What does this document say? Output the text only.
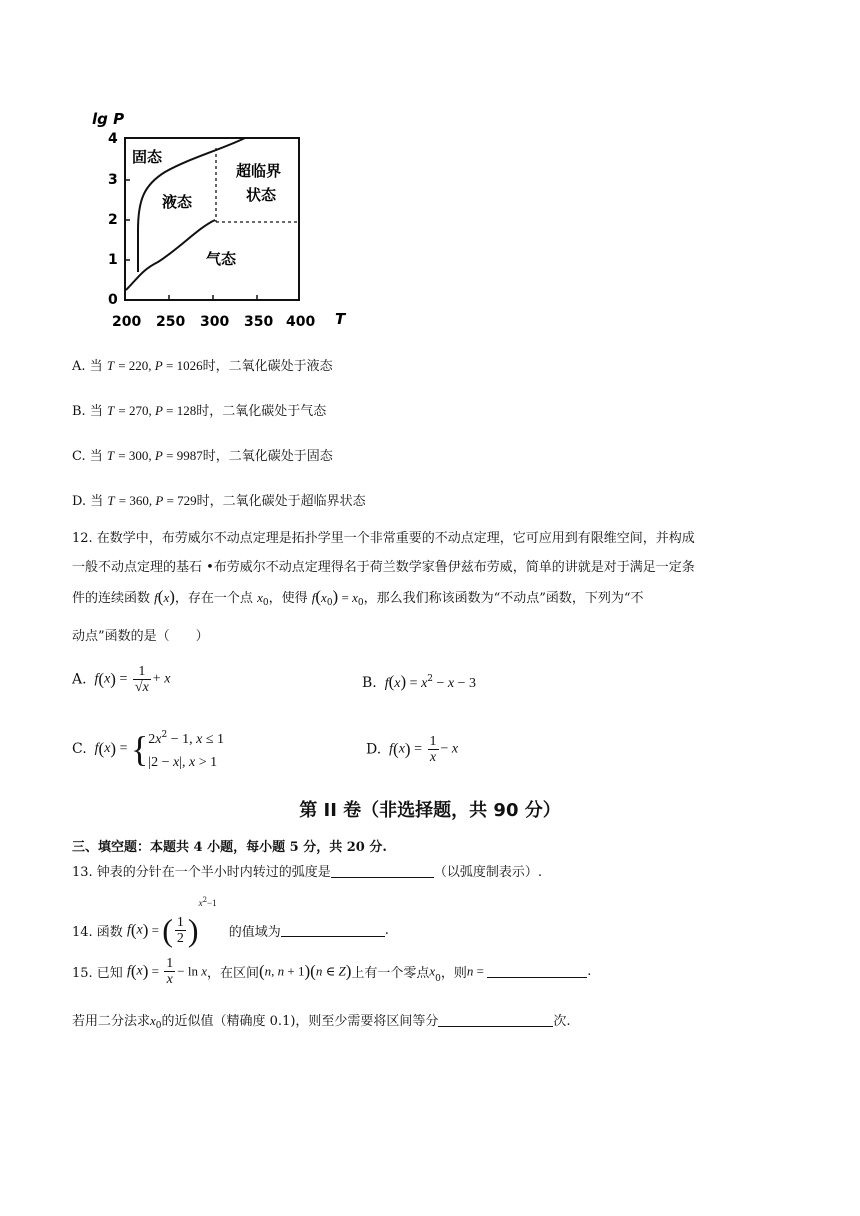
lg P
T
4
3
2
1
0
200 250 300 350 400
固态
液态
气态
超临界
状态
A. 当 T = 220, P = 1026时，二氧化碳处于液态
B. 当 T = 270, P = 128时，二氧化碳处于气态
C. 当 T = 300, P = 9987时，二氧化碳处于固态
D. 当 T = 360, P = 729时，二氧化碳处于超临界状态
12. 在数学中，布劳威尔不动点定理是拓扑学里一个非常重要的不动点定理，它可应用到有限维空间，并构成
一般不动点定理的基石 •布劳威尔不动点定理得名于荷兰数学家鲁伊兹布劳威，简单的讲就是对于满足一定条
件的连续函数 f(x)，存在一个点 $x_0$，使得 $f(x_0) = x_0$，那么我们称该函数为“不动点”函数，下列为“不
动点”函数的是（　　）
A.  $f(x) = \frac{1}{√x} + x$	B.  $f(x) = x^2 - x - 3$
C.  f(x) = { $2x^2 - 1$, x ≤ 1
|2 − x|, x > 1
D.  $f(x) = \frac{1}{x} - x$
第 II 卷（非选择题，共 90 分）
三、填空题：本题共 4 小题，每小题 5 分，共 20 分.
13. 钟表的分针在一个半小时内转过的弧度是	（以弧度制表示）.
14. 函数 f(x) = ( $\frac{1}{2} )x^2-1$ 的值域为	.
15. 已知 $f(x) = \frac{1}{x} - \ln x$，在区间(n, n + 1)(n ∈ Z)上有一个零点$x_0$，则n =	.
若用二分法求$x_0$的近似值（精确度 0.1)，则至少需要将区间等分	次.
